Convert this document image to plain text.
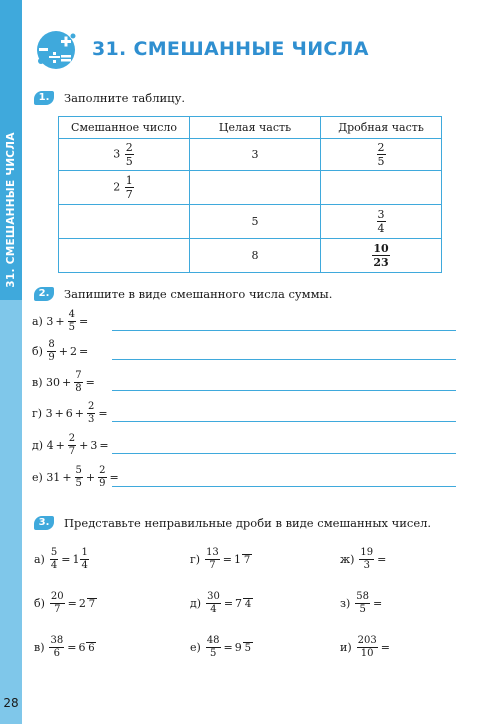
31. СМЕШАННЫЕ ЧИСЛА
28
31. СМЕШАННЫЕ ЧИСЛА
1.	Заполните таблицу.
Смешанное число	Целая часть	Дробная часть
$3 \frac{2}{5}$	3	$\frac{2}{5}$

$2 \frac{1}{7}$

	5	$\frac{3}{4}$

	8	$\frac{10}{23}$
2.	Запишите в виде смешанного числа суммы.
а)
$3 + \frac{4}{5}$ =
б)
$\frac{8}{9} + 2$ =
в)
$30 + \frac{7}{8}$ =
г)
$3 + 6 + \frac{2}{3}$ =
д)
$4 + \frac{2}{7} + 3$ =
е)
$31 + \frac{5}{5} + \frac{2}{9}$ =
3.	Представьте неправильные дроби в виде смешанных чисел.
$а) \frac{5}{4} = 1 \frac{1}{4}$
$б) \frac{20}{7} = 2$ 7
$в) \frac{38}{6} = 6$ 6
$г) \frac{13}{7} = 1$ 7
$д) \frac{30}{4} = 7$ 4
$е) \frac{48}{5} = 9$ 5
$ж) \frac{19}{3}$ =
$з) \frac{58}{5}$ =
$и) \frac{203}{10}$ =
